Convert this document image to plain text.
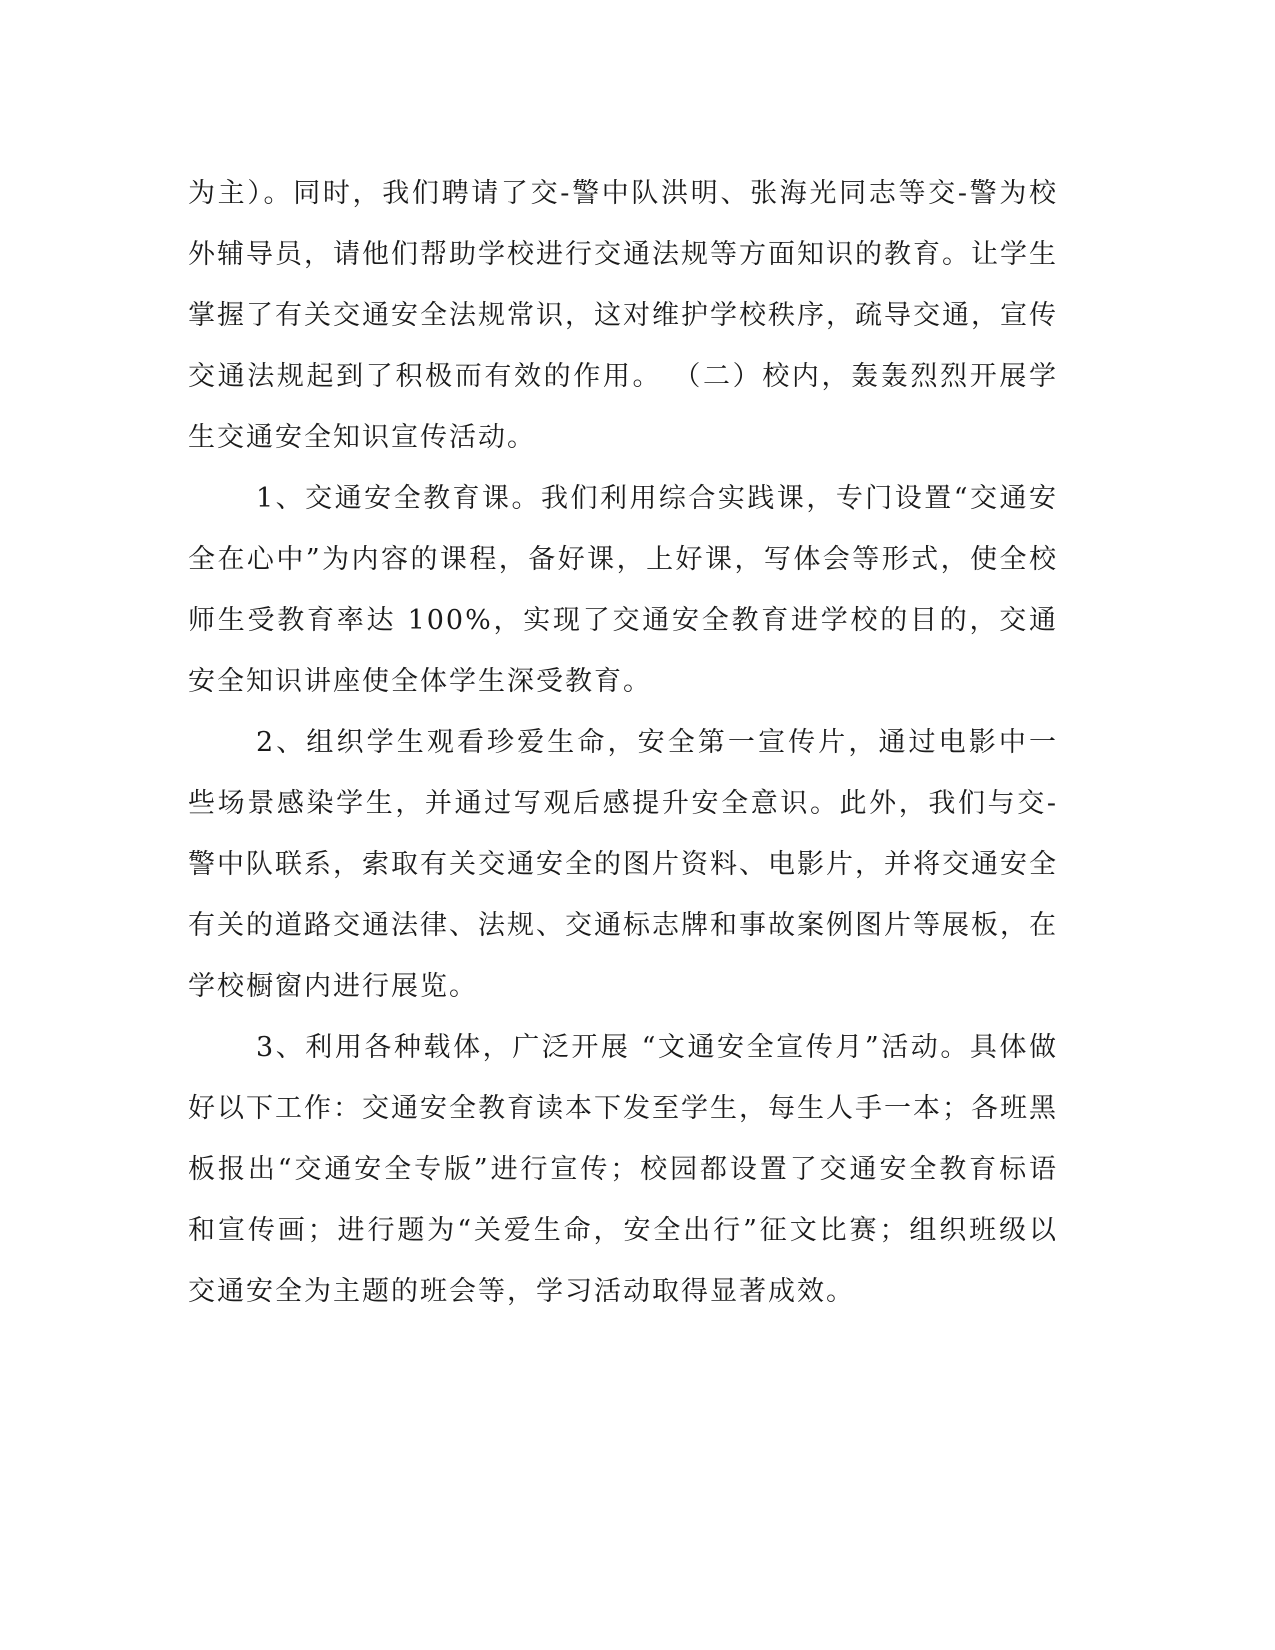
为主）。同时，我们聘请了交-警中队洪明、张海光同志等交-警为校外辅导员，请他们帮助学校进行交通法规等方面知识的教育。让学生掌握了有关交通安全法规常识，这对维护学校秩序，疏导交通，宣传交通法规起到了积极而有效的作用。 （二）校内，轰轰烈烈开展学生交通安全知识宣传活动。

1、交通安全教育课。我们利用综合实践课，专门设置“交通安全在心中”为内容的课程，备好课，上好课，写体会等形式，使全校师生受教育率达 100%，实现了交通安全教育进学校的目的，交通安全知识讲座使全体学生深受教育。

2、组织学生观看珍爱生命，安全第一宣传片，通过电影中一些场景感染学生，并通过写观后感提升安全意识。此外，我们与交-警中队联系，索取有关交通安全的图片资料、电影片，并将交通安全有关的道路交通法律、法规、交通标志牌和事故案例图片等展板，在学校橱窗内进行展览。

3、利用各种载体，广泛开展 “文通安全宣传月”活动。具体做好以下工作：交通安全教育读本下发至学生，每生人手一本；各班黑板报出“交通安全专版”进行宣传；校园都设置了交通安全教育标语和宣传画；进行题为“关爱生命，安全出行”征文比赛；组织班级以交通安全为主题的班会等，学习活动取得显著成效。
